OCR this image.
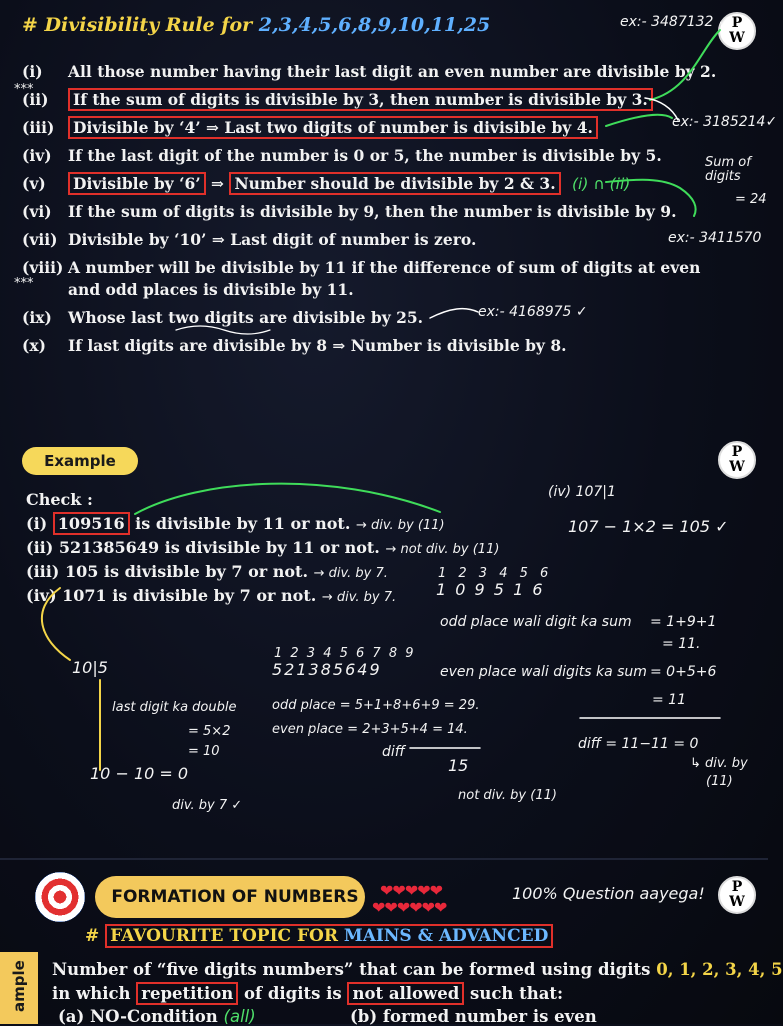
# Divisibility Rule for 2,3,4,5,6,8,9,10,11,25	P
W
P
W
P
W
(i) All those number having their last digit an even number are divisible by 2.
(ii) If the sum of digits is divisible by 3, then number is divisible by 3.
(iii) Divisible by ‘4’ ⇒ Last two digits of number is divisible by 4.
(iv) If the last digit of the number is 0 or 5, the number is divisible by 5.
(v) Divisible by ‘6’ ⇒ Number should be divisible by 2 & 3. (i) ∩ (ii)
(vi) If the sum of digits is divisible by 9, then the number is divisible by 9.
(vii) Divisible by ‘10’ ⇒ Last digit of number is zero.
(viii) A number will be divisible by 11 if the difference of sum of digits at even
and odd places is divisible by 11.
(ix) Whose last two digits are divisible by 25.
(x) If last digits are divisible by 8 ⇒ Number is divisible by 8.
ex:- 3487132 ✓
ex:- 3185214✓
Sum of digits
= 24
ex:- 3411570
ex:- 4168975 ✓
***
***
Example
Check :
(i) 109516 is divisible by 11 or not. → div. by (11)
(ii) 521385649 is divisible by 11 or not. → not div. by (11)
(iii) 105 is divisible by 7 or not. → div. by 7.
(iv) 1071 is divisible by 7 or not. → div. by 7.
(iv) 107|1
107 − 1×2 = 105 ✓
1 2 3 4 5 6
1 0 9 5 1 6
odd place wali digit ka sum = 1+9+1
= 11.
even place wali digits ka sum = 0+5+6
= 11
diff = 11−11 = 0
↳ div. by
(11)
1 2 3 4 5 6 7 8 9
521385649
odd place = 5+1+8+6+9 = 29.
even place = 2+3+5+4 = 14.
diff
15
not div. by (11)
10|5
last digit ka double
= 5×2
= 10
10 − 10 = 0
div. by 7 ✓
FORMATION OF NUMBERS	❤❤❤❤❤
❤❤❤❤❤❤
100% Question aayega!
# FAVOURITE TOPIC FOR MAINS & ADVANCED
Number of “five digits numbers” that can be formed using digits 0, 1, 2, 3, 4, 5
in which repetition of digits is not allowed such that:
(a) NO-Condition (all)	(b) formed number is even
ample
